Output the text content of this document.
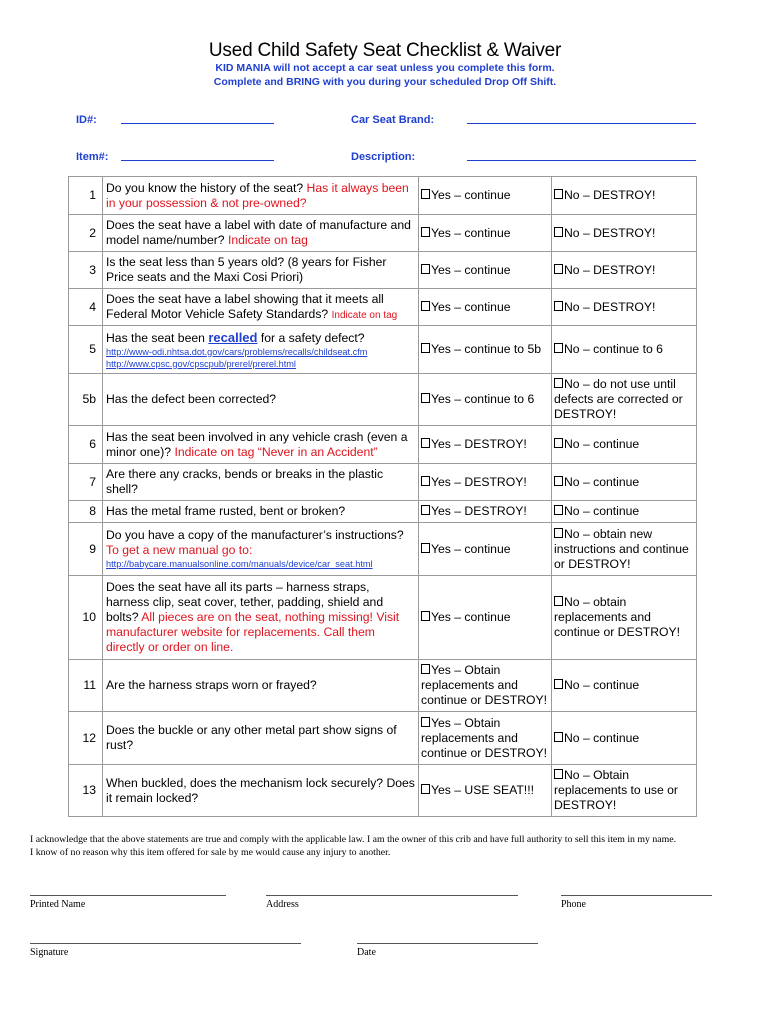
Used Child Safety Seat Checklist & Waiver
KID MANIA will not accept a car seat unless you complete this form.
Complete and BRING with you during your scheduled Drop Off Shift.
ID#:	Car Seat Brand:
Item#:	Description:
1	Do you know the history of the seat? Has it always been in your possession & not pre-owned?	Yes – continue	No – DESTROY!
2	Does the seat have a label with date of manufacture and model name/number? Indicate on tag	Yes – continue	No – DESTROY!
3	Is the seat less than 5 years old? (8 years for Fisher Price seats and the Maxi Cosi Priori)	Yes – continue	No – DESTROY!
4	Does the seat have a label showing that it meets all Federal Motor Vehicle Safety Standards? Indicate on tag	Yes – continue	No – DESTROY!
5	Has the seat been recalled for a safety defect?
http://www-odi.nhtsa.dot.gov/cars/problems/recalls/childseat.cfm
http://www.cpsc.gov/cpscpub/prerel/prerel.html	Yes – continue to 5b	No – continue to 6
5b	Has the defect been corrected?	Yes – continue to 6	No – do not use until defects are corrected or DESTROY!
6	Has the seat been involved in any vehicle crash (even a minor one)? Indicate on tag “Never in an Accident”	Yes – DESTROY!	No – continue
7	Are there any cracks, bends or breaks in the plastic shell?	Yes – DESTROY!	No – continue
8	Has the metal frame rusted, bent or broken?	Yes – DESTROY!	No – continue
9	Do you have a copy of the manufacturer’s instructions?
To get a new manual go to:
http://babycare.manualsonline.com/manuals/device/car_seat.html	Yes – continue	No – obtain new instructions and continue or DESTROY!
10	Does the seat have all its parts – harness straps, harness clip, seat cover, tether, padding, shield and bolts? All pieces are on the seat, nothing missing! Visit manufacturer website for replacements. Call them directly or order on line.	Yes – continue	No – obtain replacements and continue or DESTROY!
11	Are the harness straps worn or frayed?	Yes – Obtain replacements and continue or DESTROY!	No – continue
12	Does the buckle or any other metal part show signs of rust?	Yes – Obtain replacements and continue or DESTROY!	No – continue
13	When buckled, does the mechanism lock securely? Does it remain locked?	Yes – USE SEAT!!!	No – Obtain replacements to use or DESTROY!
I acknowledge that the above statements are true and comply with the applicable law. I am the owner of this crib and have full authority to sell this item in my name.
I know of no reason why this item offered for sale by me would cause any injury to another.
Printed Name	Address	Phone
Signature	Date
